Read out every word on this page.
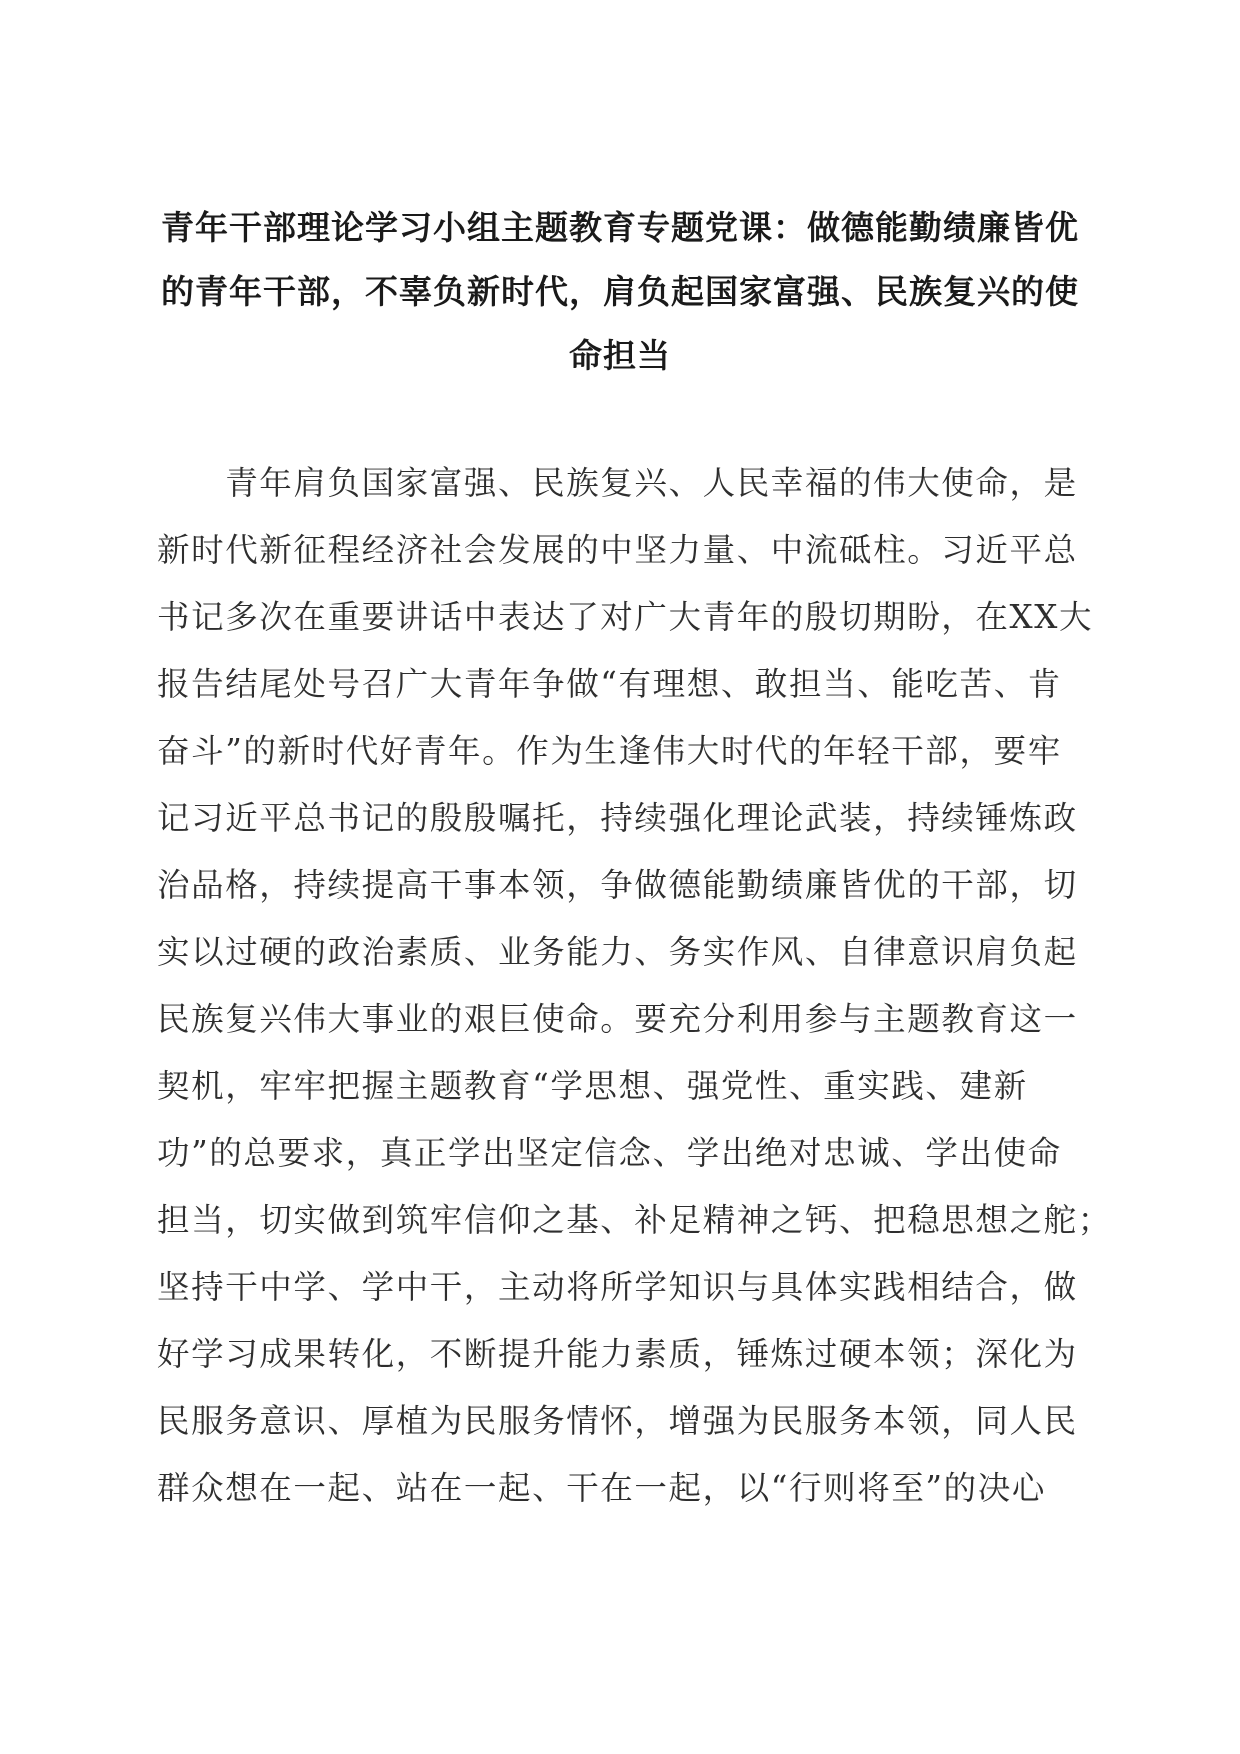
青年干部理论学习小组主题教育专题党课：做德能勤绩廉皆优
的青年干部，不辜负新时代，肩负起国家富强、民族复兴的使
命担当
　　青年肩负国家富强、民族复兴、人民幸福的伟大使命，是
新时代新征程经济社会发展的中坚力量、中流砥柱。习近平总
书记多次在重要讲话中表达了对广大青年的殷切期盼，在XX大
报告结尾处号召广大青年争做“有理想、敢担当、能吃苦、肯
奋斗”的新时代好青年。作为生逢伟大时代的年轻干部，要牢
记习近平总书记的殷殷嘱托，持续强化理论武装，持续锤炼政
治品格，持续提高干事本领，争做德能勤绩廉皆优的干部，切
实以过硬的政治素质、业务能力、务实作风、自律意识肩负起
民族复兴伟大事业的艰巨使命。要充分利用参与主题教育这一
契机，牢牢把握主题教育“学思想、强党性、重实践、建新
功”的总要求，真正学出坚定信念、学出绝对忠诚、学出使命
担当，切实做到筑牢信仰之基、补足精神之钙、把稳思想之舵；
坚持干中学、学中干，主动将所学知识与具体实践相结合，做
好学习成果转化，不断提升能力素质，锤炼过硬本领；深化为
民服务意识、厚植为民服务情怀，增强为民服务本领，同人民
群众想在一起、站在一起、干在一起，以“行则将至”的决心
